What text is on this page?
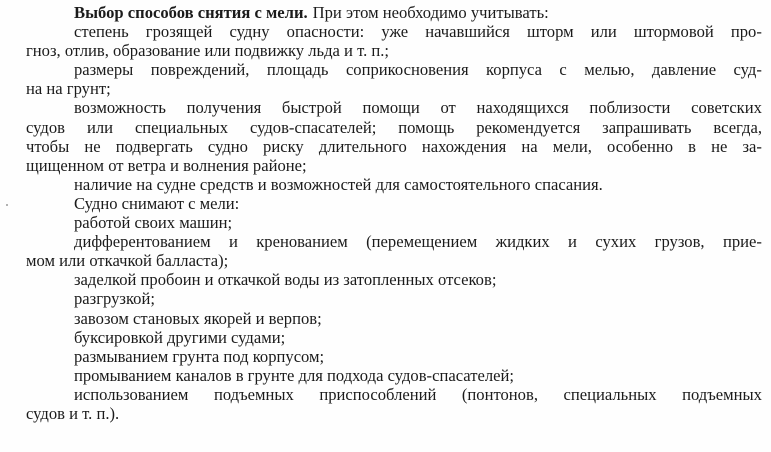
Выбор способов снятия с мели. При этом необходимо учитывать:
степень грозящей судну опасности: уже начавшийся шторм или штормовой про-
гноз, отлив, образование или подвижку льда и т. п.;
размеры повреждений, площадь соприкосновения корпуса с мелью, давление суд-
на на грунт;
возможность получения быстрой помощи от находящихся поблизости советских
судов или специальных судов-спасателей; помощь рекомендуется запрашивать всегда,
чтобы не подвергать судно риску длительного нахождения на мели, особенно в не за-
щищенном от ветра и волнения районе;
наличие на судне средств и возможностей для самостоятельного спасания.
Судно снимают с мели:
работой своих машин;
дифферентованием и кренованием (перемещением жидких и сухих грузов, прие-
мом или откачкой балласта);
заделкой пробоин и откачкой воды из затопленных отсеков;
разгрузкой;
завозом становых якорей и верпов;
буксировкой другими судами;
размыванием грунта под корпусом;
промыванием каналов в грунте для подхода судов-спасателей;
использованием подъемных приспособлений (понтонов, специальных подъемных
судов и т. п.).
